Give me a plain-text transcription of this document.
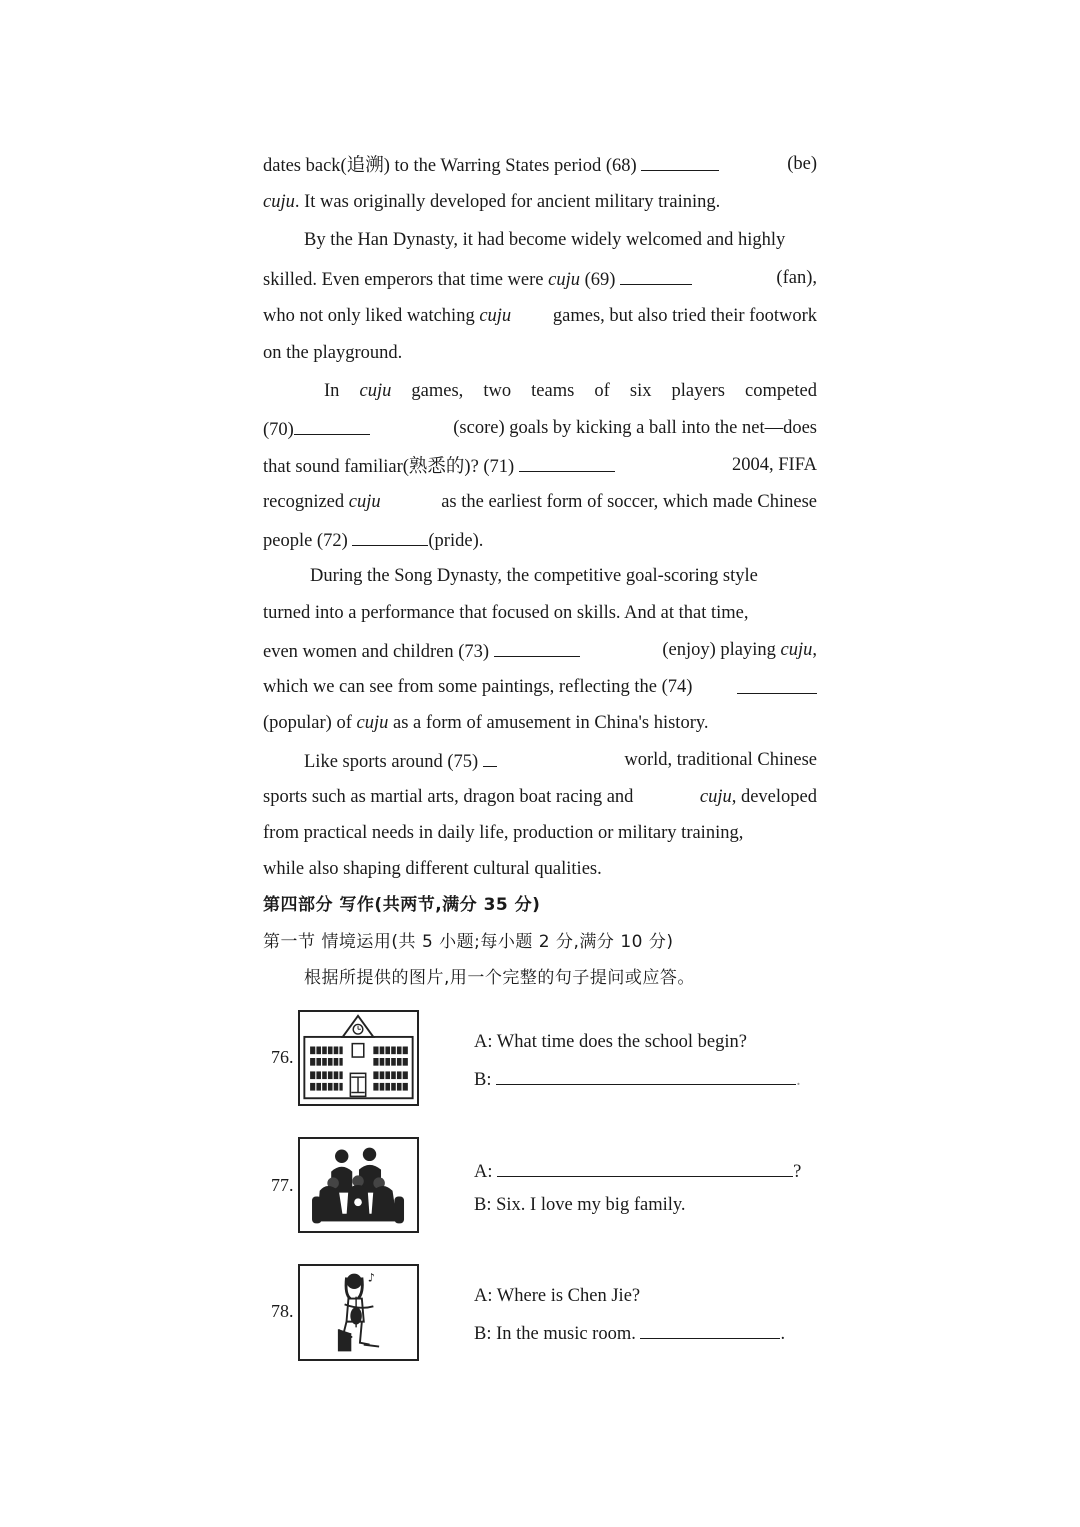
dates back(追溯) to the Warring States period (68)	(be)
cuju. It was originally developed for ancient military training.
By the Han Dynasty, it had become widely welcomed and highly
skilled. Even emperors that time were cuju (69)	(fan),
who not only liked watching cuju games, but also tried their footwork
on the playground.
In cuju games, two teams of six players competed
(70)	(score) goals by kicking a ball into the net—does
that sound familiar(熟悉的)? (71)	2004, FIFA
recognized cuju	as the earliest form of soccer, which made Chinese
people (72)	(pride).
During the Song Dynasty, the competitive goal-scoring style
turned into a performance that focused on skills. And at that time,
even women and children (73)	(enjoy) playing cuju,
which we can see from some paintings, reflecting the (74)
(popular) of cuju as a form of amusement in China's history.
Like sports around (75)	world, traditional Chinese
sports such as martial arts, dragon boat racing and	cuju, developed
from practical needs in daily life, production or military training,
while also shaping different cultural qualities.
第四部分 写作(共两节,满分 35 分)
第一节 情境运用(共 5 小题;每小题 2 分,满分 10 分)
根据所提供的图片,用一个完整的句子提问或应答。
76.
A: What time does the school begin?
B:	.
77.
A:	?
B: Six. I love my big family.
78.
♪
A: Where is Chen Jie?
B: In the music room.	.
